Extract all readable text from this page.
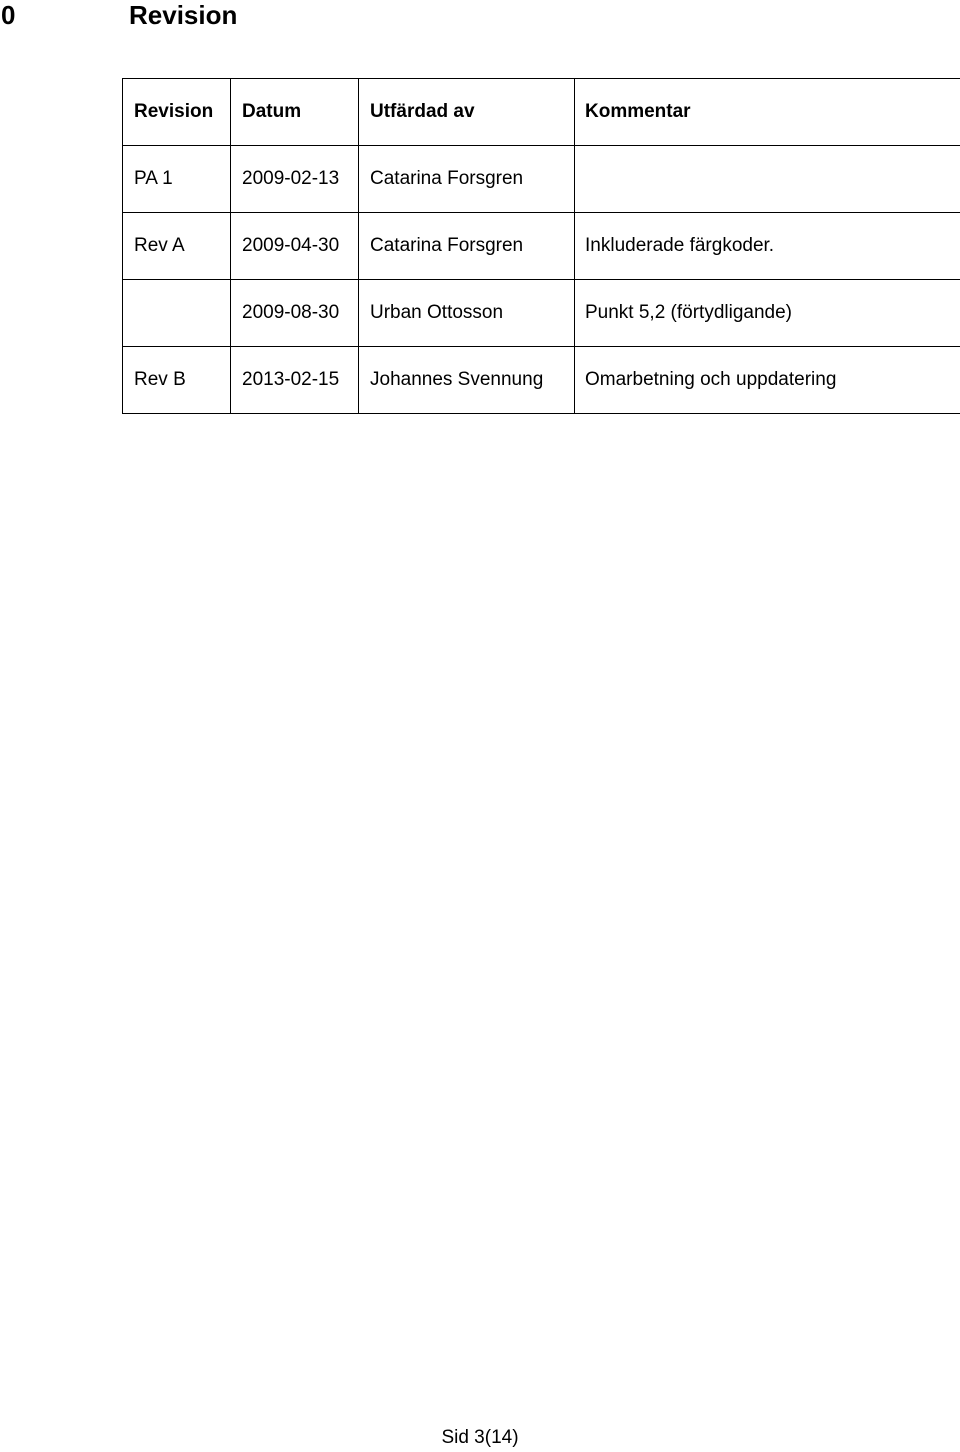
0	Revision
Revision	Datum	Utfärdad av	Kommentar
PA 1	2009-02-13	Catarina Forsgren	
Rev A	2009-04-30	Catarina Forsgren	Inkluderade färgkoder.
	2009-08-30	Urban Ottosson	Punkt 5,2 (förtydligande)
Rev B	2013-02-15	Johannes Svennung	Omarbetning och uppdatering
Sid 3(14)
